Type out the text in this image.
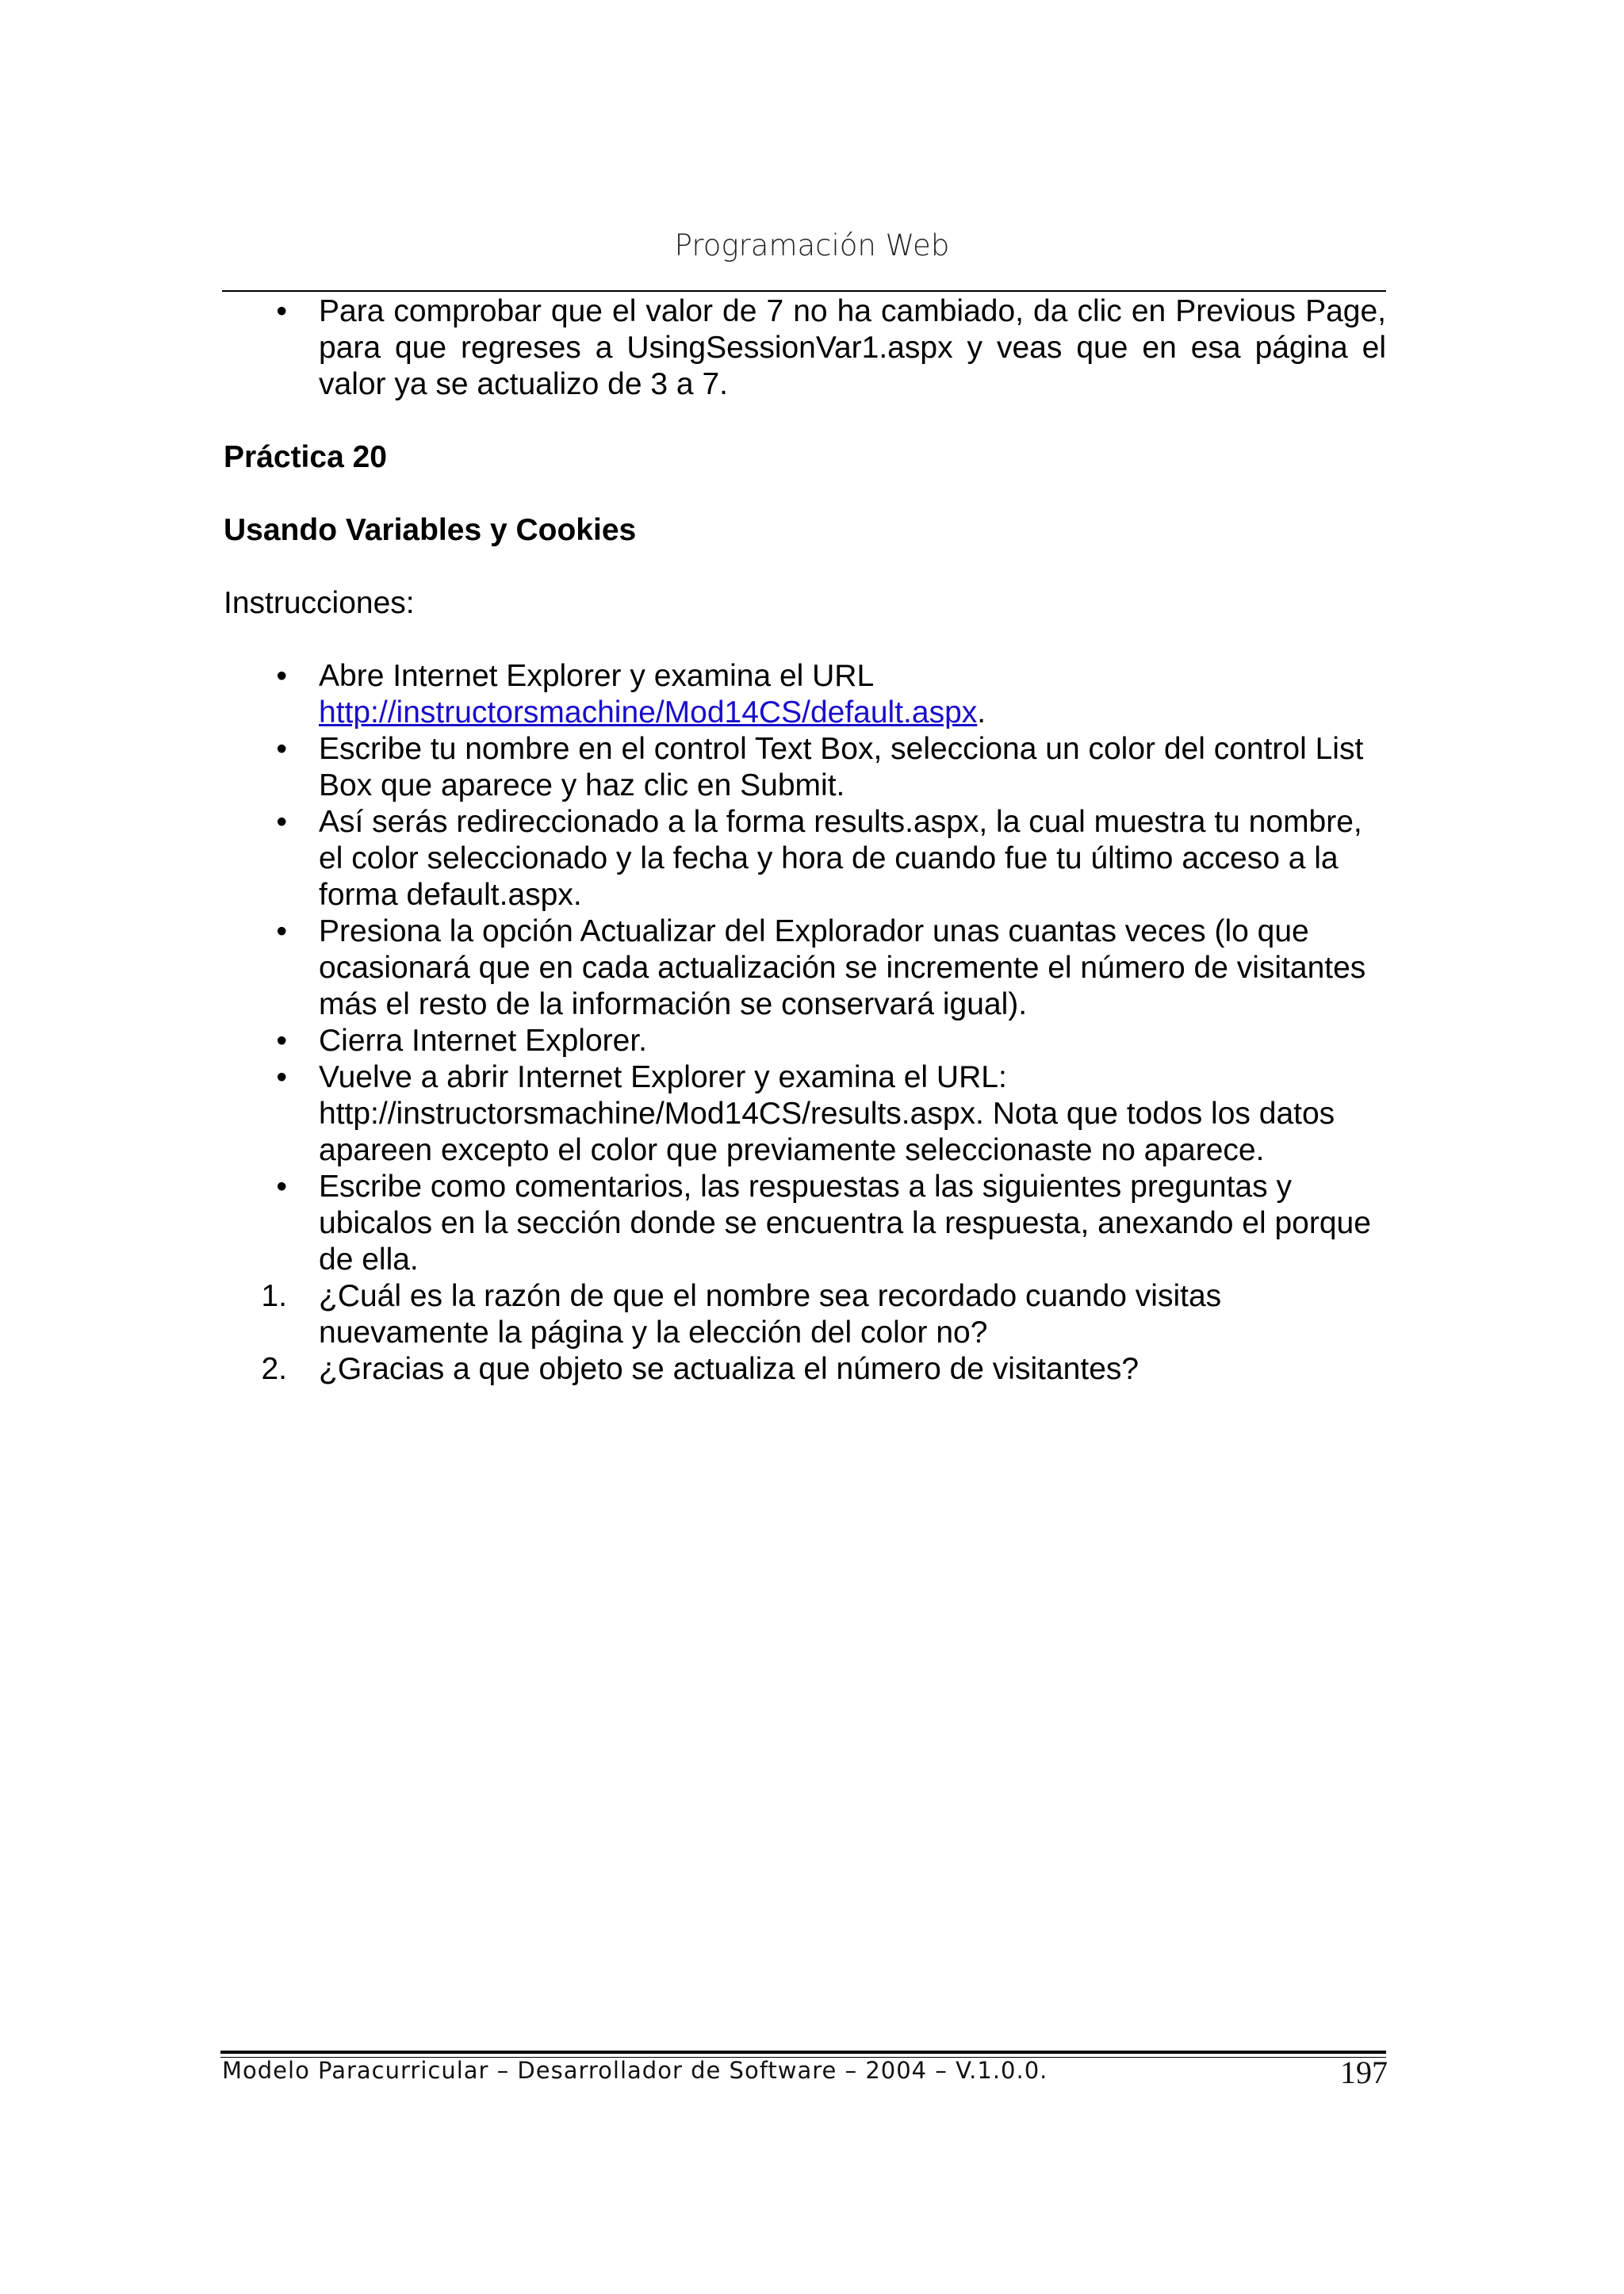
Programación Web
• Para comprobar que el valor de 7 no ha cambiado, da clic en Previous Page, para que regreses a UsingSessionVar1.aspx y veas que en esa página el valor ya se actualizo de 3 a 7.

Práctica 20

Usando Variables y Cookies

Instrucciones:

• Abre Internet Explorer y examina el URL
http://instructorsmachine/Mod14CS/default.aspx.
• Escribe tu nombre en el control Text Box, selecciona un color del control List Box que aparece y haz clic en Submit.
• Así serás redireccionado a la forma results.aspx, la cual muestra tu nombre, el color seleccionado y la fecha y hora de cuando fue tu último acceso a la forma default.aspx.
• Presiona la opción Actualizar del Explorador unas cuantas veces (lo que ocasionará que en cada actualización se incremente el número de visitantes más el resto de la información se conservará igual).
• Cierra Internet Explorer.
• Vuelve a abrir Internet Explorer y examina el URL: http://instructorsmachine/Mod14CS/results.aspx. Nota que todos los datos apareen excepto el color que previamente seleccionaste no aparece.
• Escribe como comentarios, las respuestas a las siguientes preguntas y ubicalos en la sección donde se encuentra la respuesta, anexando el porque de ella.
1. ¿Cuál es la razón de que el nombre sea recordado cuando visitas nuevamente la página y la elección del color no?
2. ¿Gracias a que objeto se actualiza el número de visitantes?
Modelo Paracurricular – Desarrollador de Software – 2004 – V.1.0.0.	197
